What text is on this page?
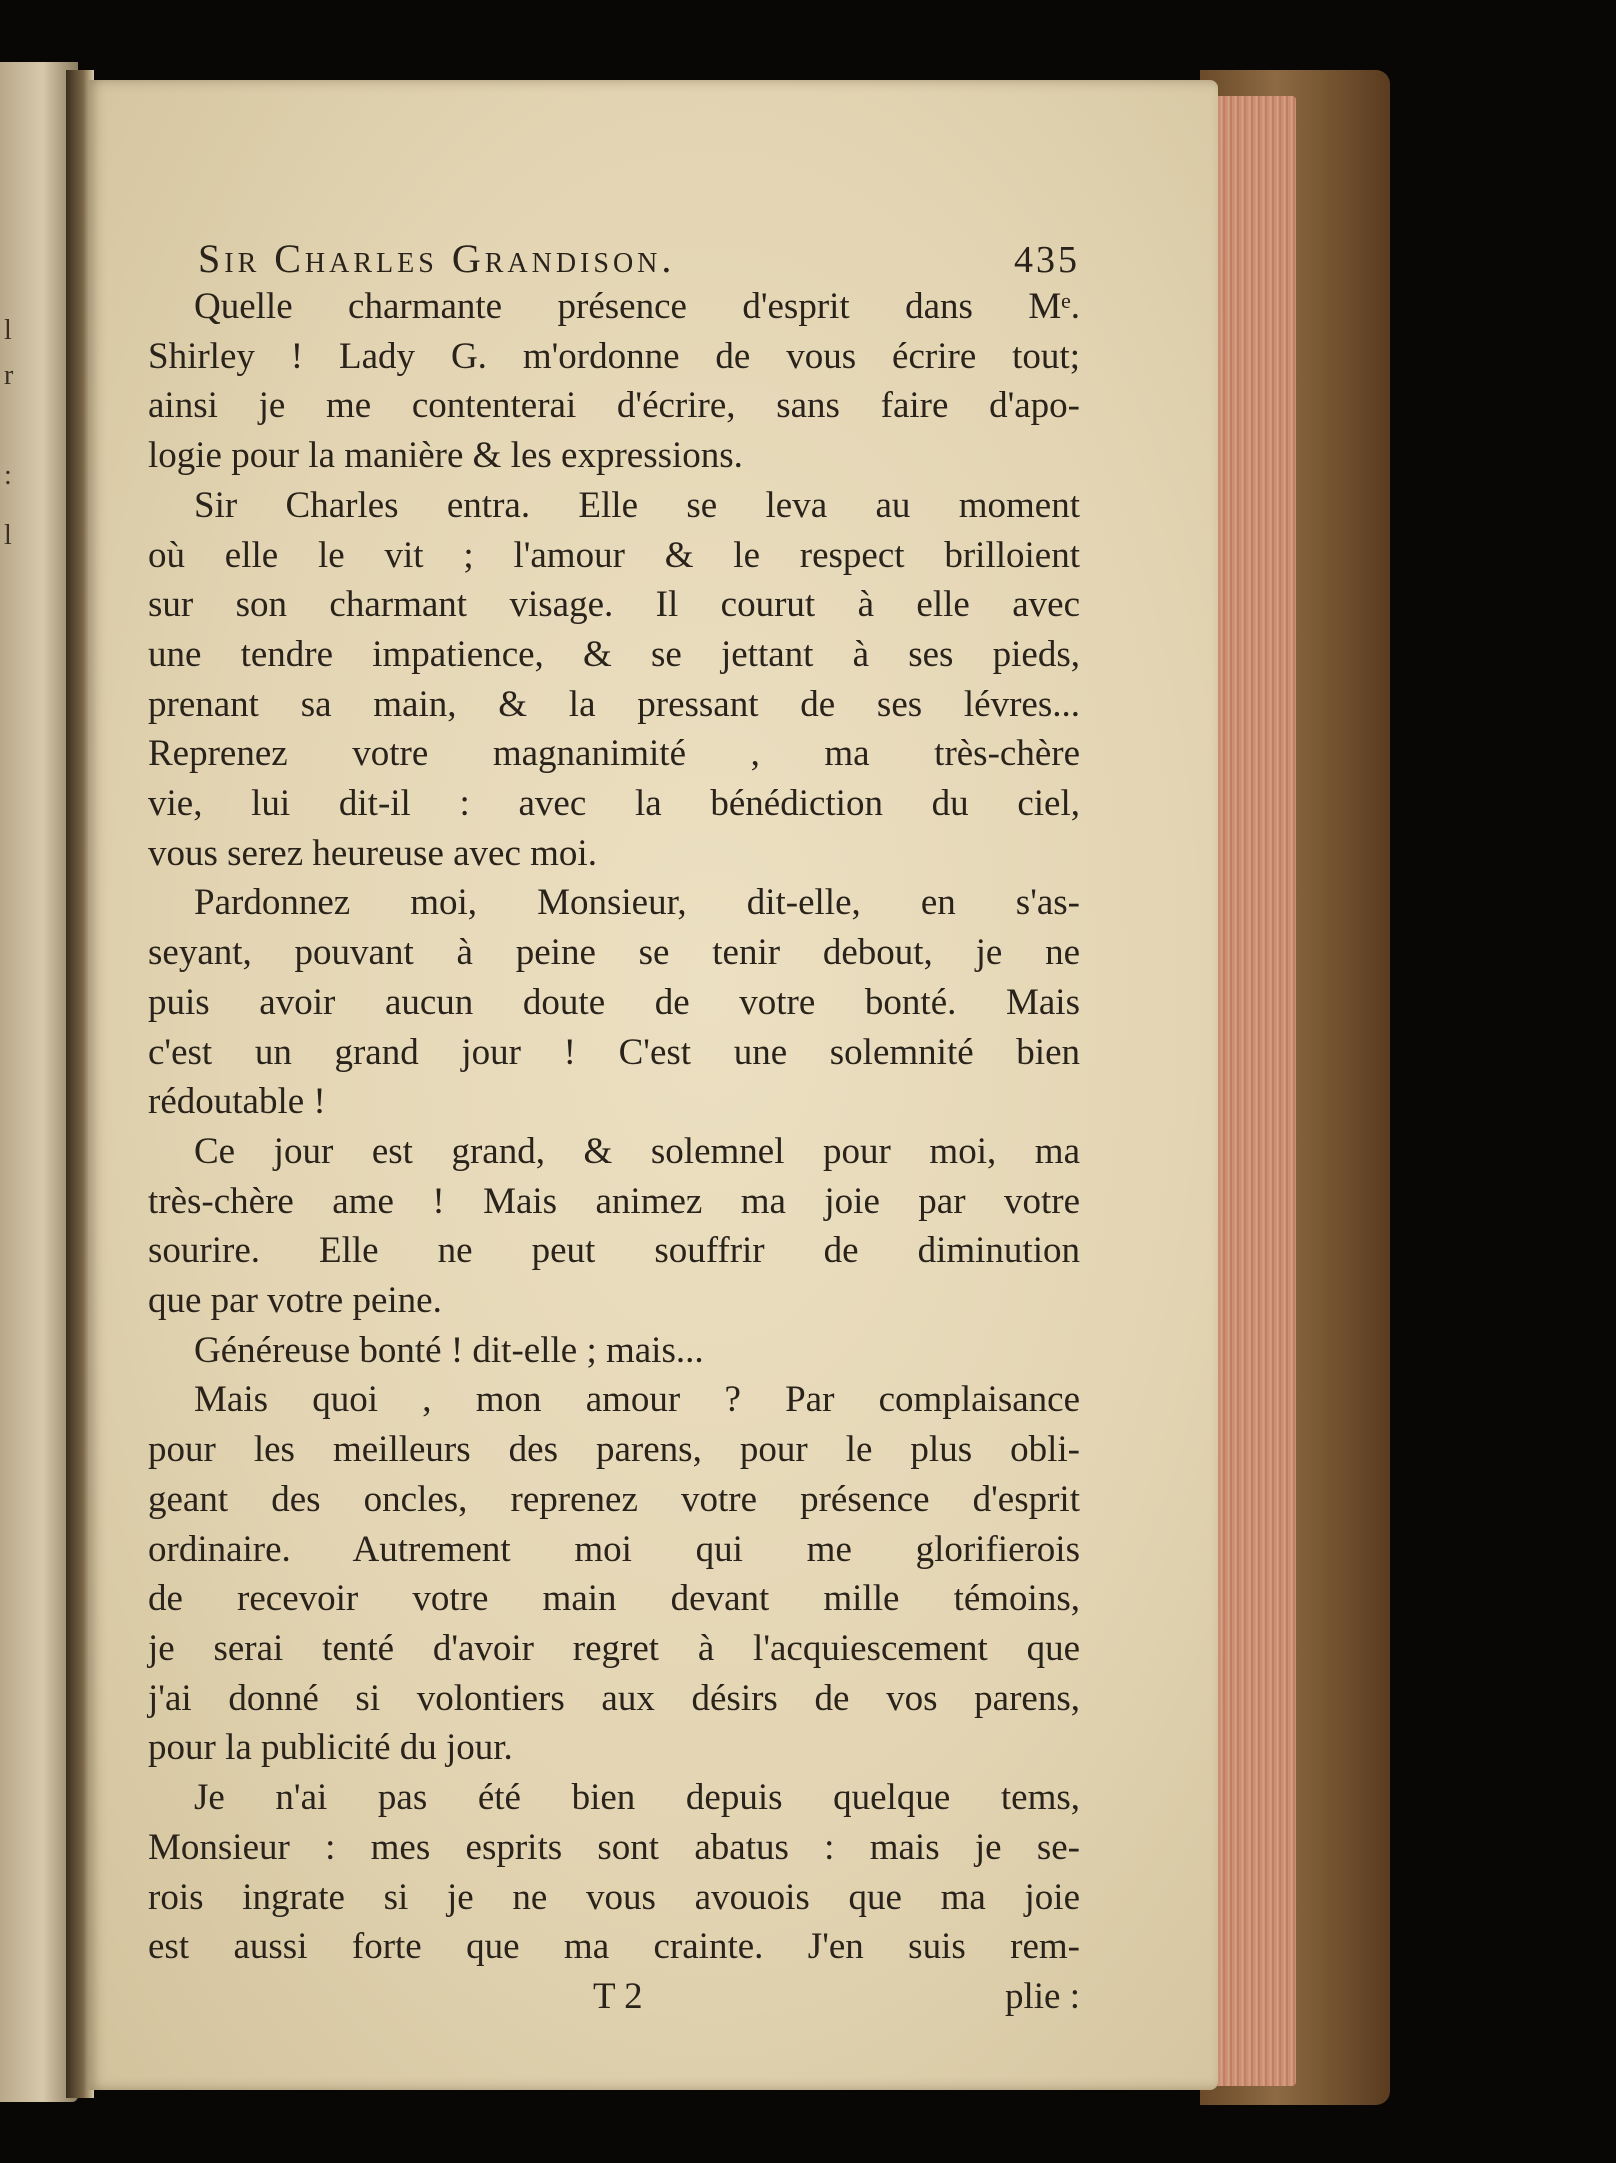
l
r
:
l
Sir Charles Grandison.	435
Quelle charmante présence d'esprit dans Mᵉ.
Shirley ! Lady G. m'ordonne de vous écrire tout;
ainsi je me contenterai d'écrire, sans faire d'apo-
logie pour la manière & les expressions.
Sir Charles entra. Elle se leva au moment
où elle le vit ; l'amour & le respect brilloient
sur son charmant visage. Il courut à elle avec
une tendre impatience, & se jettant à ses pieds,
prenant sa main, & la pressant de ses lévres...
Reprenez votre magnanimité , ma très-chère
vie, lui dit-il : avec la bénédiction du ciel,
vous serez heureuse avec moi.
Pardonnez moi, Monsieur, dit-elle, en s'as-
seyant, pouvant à peine se tenir debout, je ne
puis avoir aucun doute de votre bonté. Mais
c'est un grand jour ! C'est une solemnité bien
rédoutable !
Ce jour est grand, & solemnel pour moi, ma
très-chère ame ! Mais animez ma joie par votre
sourire. Elle ne peut souffrir de diminution
que par votre peine.
Généreuse bonté ! dit-elle ; mais...
Mais quoi , mon amour ? Par complaisance
pour les meilleurs des parens, pour le plus obli-
geant des oncles, reprenez votre présence d'esprit
ordinaire. Autrement moi qui me glorifierois
de recevoir votre main devant mille témoins,
je serai tenté d'avoir regret à l'acquiescement que
j'ai donné si volontiers aux désirs de vos parens,
pour la publicité du jour.
Je n'ai pas été bien depuis quelque tems,
Monsieur : mes esprits sont abatus : mais je se-
rois ingrate si je ne vous avouois que ma joie
est aussi forte que ma crainte. J'en suis rem-
T 2	plie :
